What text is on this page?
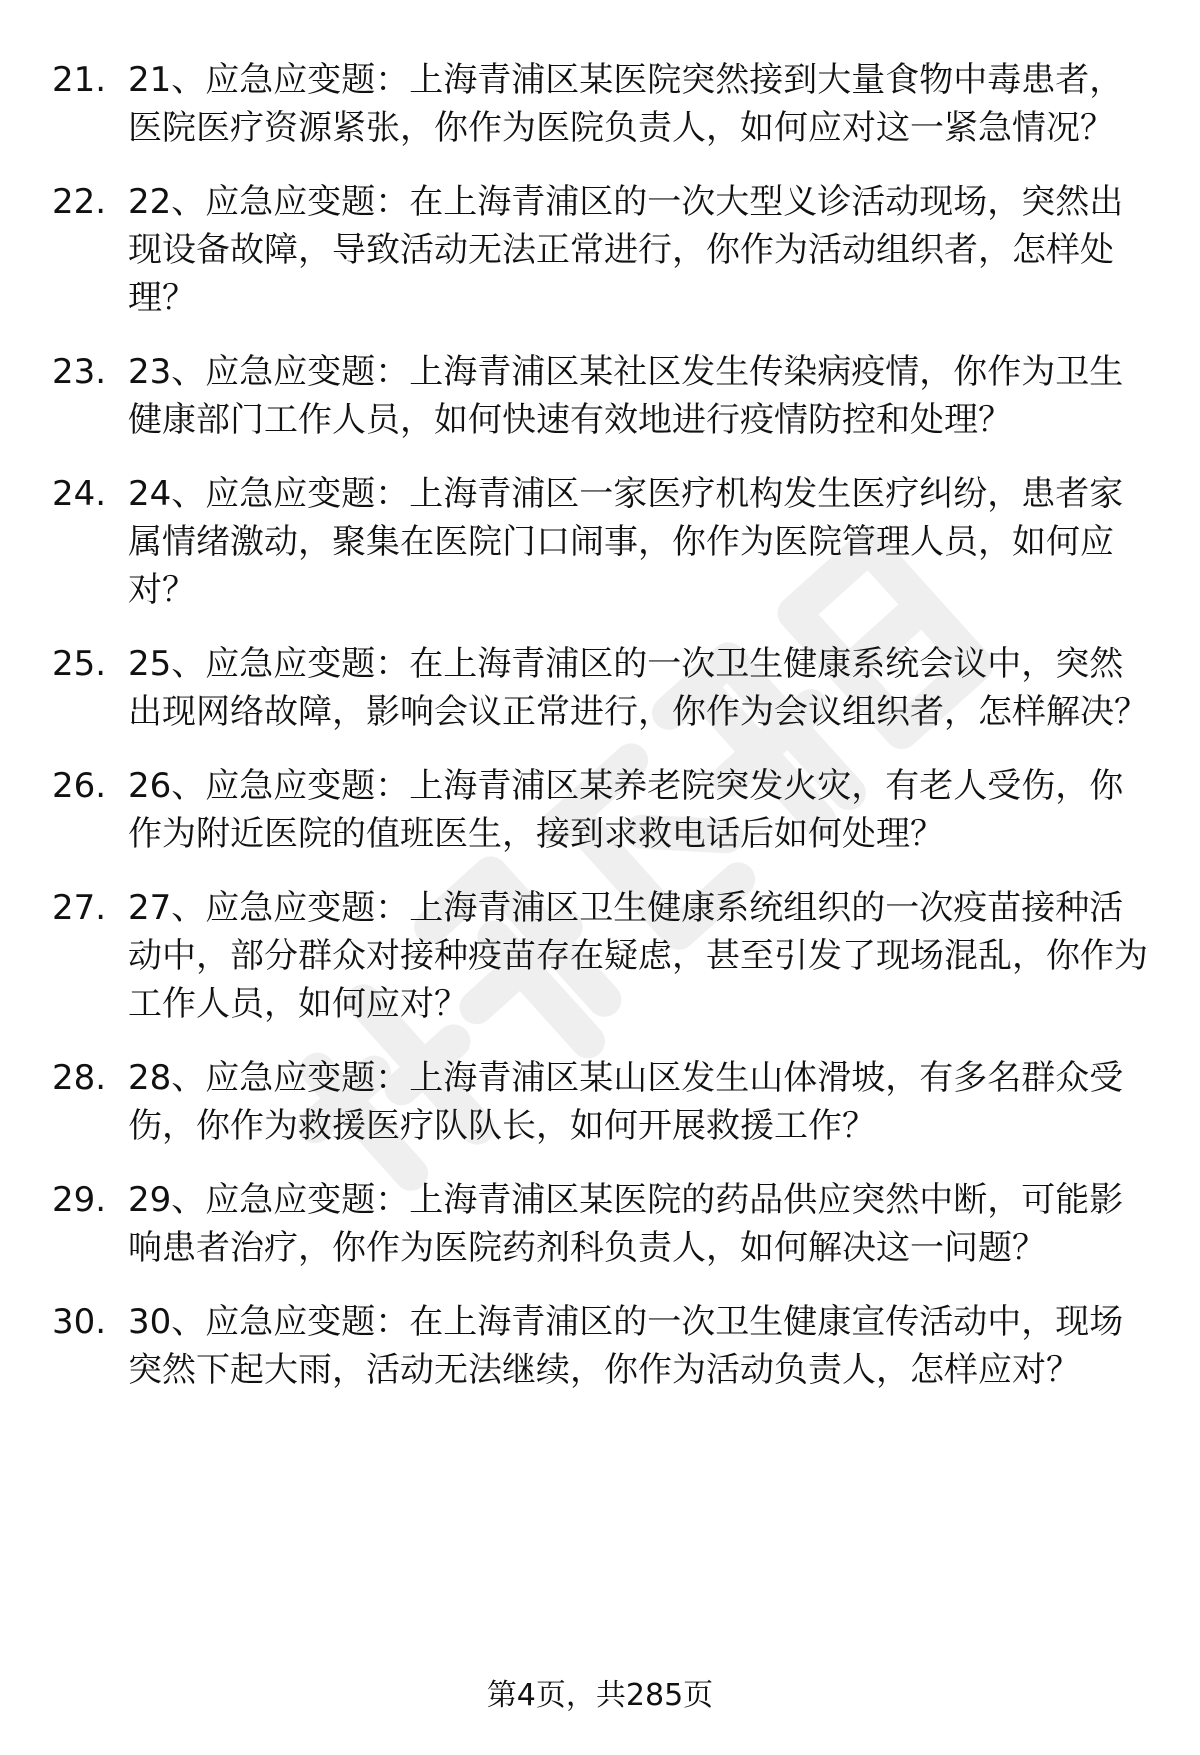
21. 21、应急应变题：上海青浦区某医院突然接到大量食物中毒患者，医院医疗资源紧张，你作为医院负责人，如何应对这一紧急情况？
22. 22、应急应变题：在上海青浦区的一次大型义诊活动现场，突然出现设备故障，导致活动无法正常进行，你作为活动组织者，怎样处理？
23. 23、应急应变题：上海青浦区某社区发生传染病疫情，你作为卫生健康部门工作人员，如何快速有效地进行疫情防控和处理？
24. 24、应急应变题：上海青浦区一家医疗机构发生医疗纠纷，患者家属情绪激动，聚集在医院门口闹事，你作为医院管理人员，如何应对？
25. 25、应急应变题：在上海青浦区的一次卫生健康系统会议中，突然出现网络故障，影响会议正常进行，你作为会议组织者，怎样解决？
26. 26、应急应变题：上海青浦区某养老院突发火灾，有老人受伤，你作为附近医院的值班医生，接到求救电话后如何处理？
27. 27、应急应变题：上海青浦区卫生健康系统组织的一次疫苗接种活动中，部分群众对接种疫苗存在疑虑，甚至引发了现场混乱，你作为工作人员，如何应对？
28. 28、应急应变题：上海青浦区某山区发生山体滑坡，有多名群众受伤，你作为救援医疗队队长，如何开展救援工作？
29. 29、应急应变题：上海青浦区某医院的药品供应突然中断，可能影响患者治疗，你作为医院药剂科负责人，如何解决这一问题？
30. 30、应急应变题：在上海青浦区的一次卫生健康宣传活动中，现场突然下起大雨，活动无法继续，你作为活动负责人，怎样应对？
第4页，共285页
